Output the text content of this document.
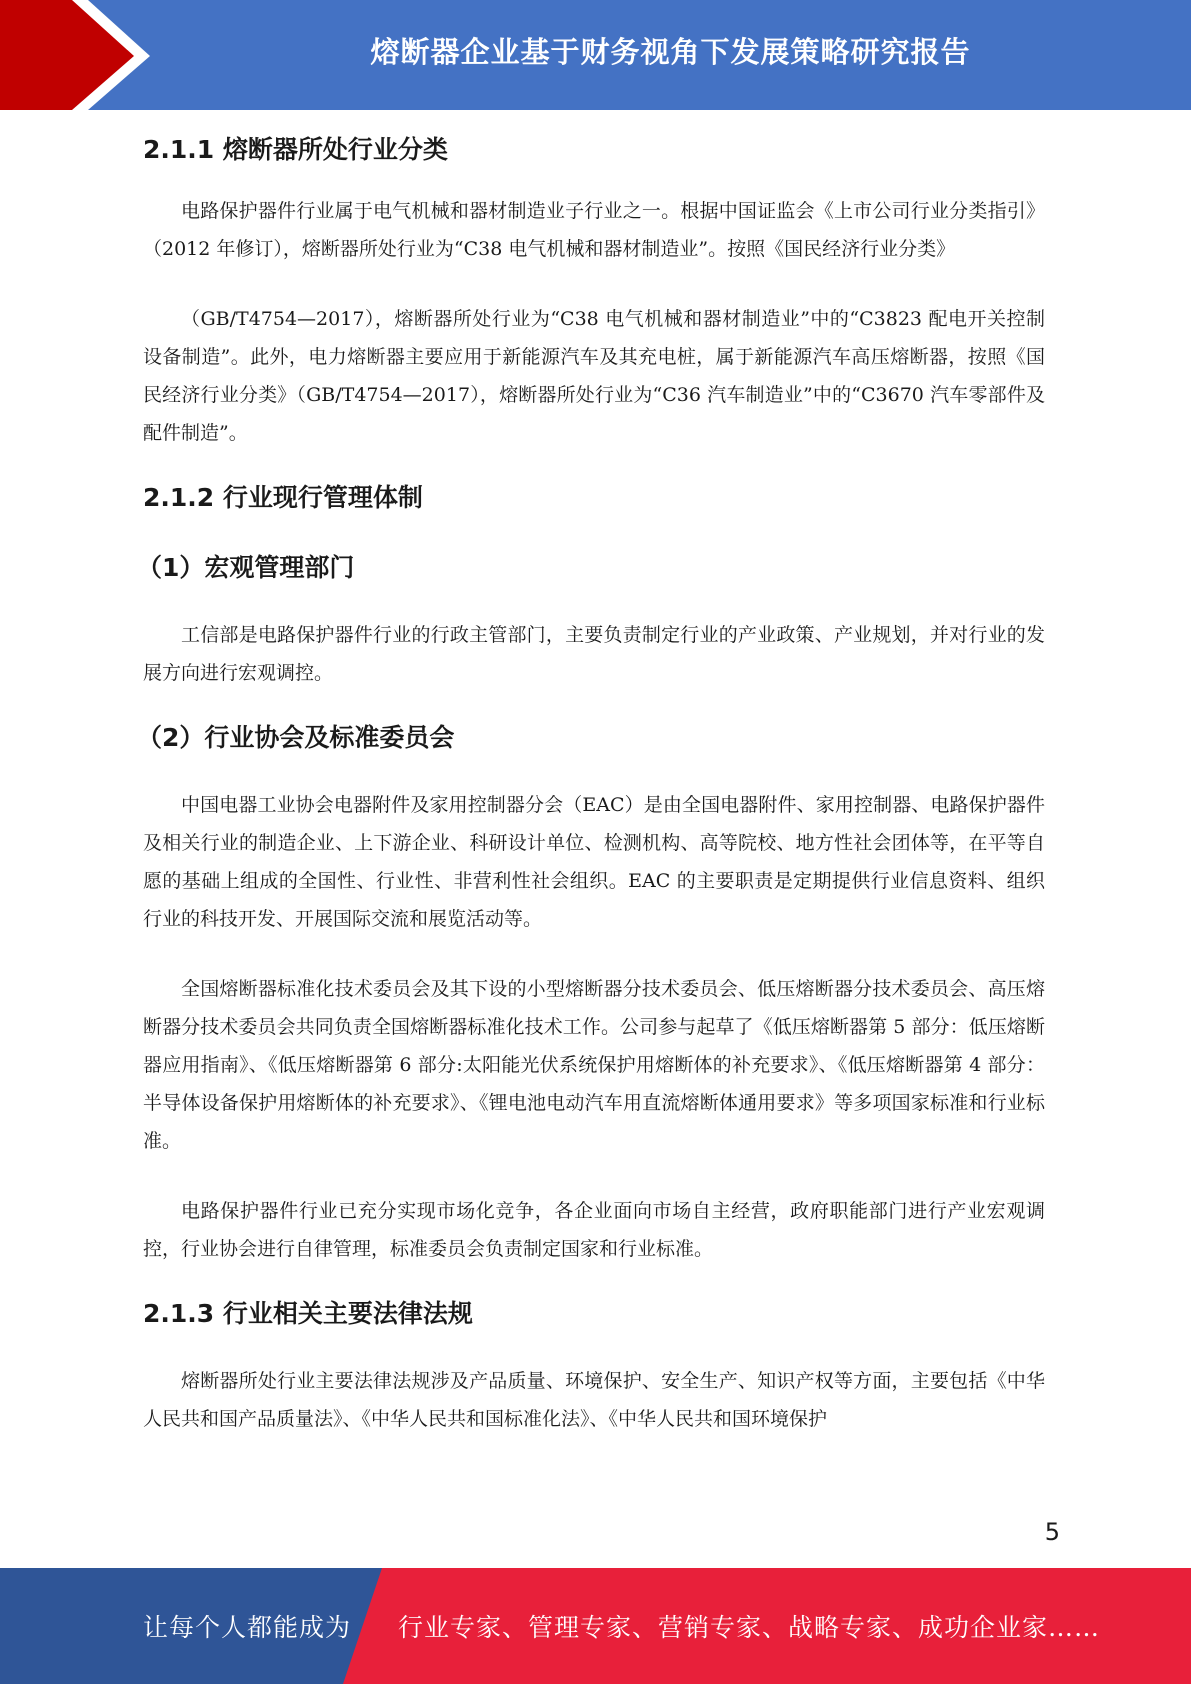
熔断器企业基于财务视角下发展策略研究报告
2.1.1 熔断器所处行业分类

电路保护器件行业属于电气机械和器材制造业子行业之一。根据中国证监会《上市公司行业分类指引》（2012 年修订），熔断器所处行业为“C38 电气机械和器材制造业”。按照《国民经济行业分类》

（GB/T4754—2017），熔断器所处行业为“C38 电气机械和器材制造业”中的“C3823 配电开关控制设备制造”。此外，电力熔断器主要应用于新能源汽车及其充电桩，属于新能源汽车高压熔断器，按照《国民经济行业分类》（GB/T4754—2017），熔断器所处行业为“C36 汽车制造业”中的“C3670 汽车零部件及配件制造”。

2.1.2 行业现行管理体制
（1）宏观管理部门

工信部是电路保护器件行业的行政主管部门，主要负责制定行业的产业政策、产业规划，并对行业的发展方向进行宏观调控。

（2）行业协会及标准委员会

中国电器工业协会电器附件及家用控制器分会（EAC）是由全国电器附件、家用控制器、电路保护器件及相关行业的制造企业、上下游企业、科研设计单位、检测机构、高等院校、地方性社会团体等，在平等自愿的基础上组成的全国性、行业性、非营利性社会组织。EAC 的主要职责是定期提供行业信息资料、组织行业的科技开发、开展国际交流和展览活动等。

全国熔断器标准化技术委员会及其下设的小型熔断器分技术委员会、低压熔断器分技术委员会、高压熔断器分技术委员会共同负责全国熔断器标准化技术工作。公司参与起草了《低压熔断器第 5 部分：低压熔断器应用指南》、《低压熔断器第 6 部分:太阳能光伏系统保护用熔断体的补充要求》、《低压熔断器第 4 部分：半导体设备保护用熔断体的补充要求》、《锂电池电动汽车用直流熔断体通用要求》等多项国家标准和行业标准。

电路保护器件行业已充分实现市场化竞争，各企业面向市场自主经营，政府职能部门进行产业宏观调控，行业协会进行自律管理，标准委员会负责制定国家和行业标准。

2.1.3 行业相关主要法律法规

熔断器所处行业主要法律法规涉及产品质量、环境保护、安全生产、知识产权等方面，主要包括《中华人民共和国产品质量法》、《中华人民共和国标准化法》、《中华人民共和国环境保护

5
让每个人都能成为 行业专家、管理专家、营销专家、战略专家、成功企业家……
